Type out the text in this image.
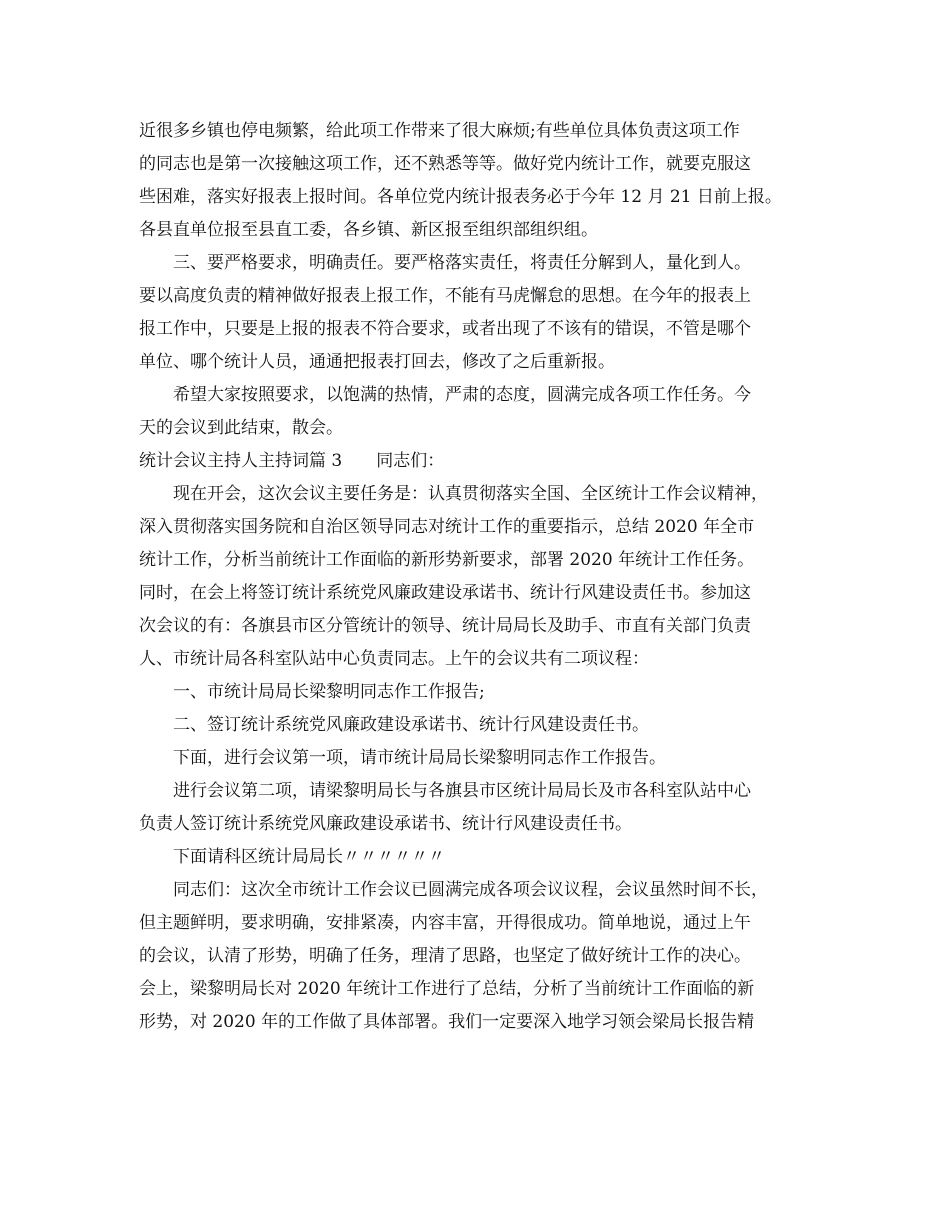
近很多乡镇也停电频繁，给此项工作带来了很大麻烦;有些单位具体负责这项工作
的同志也是第一次接触这项工作，还不熟悉等等。做好党内统计工作，就要克服这
些困难，落实好报表上报时间。各单位党内统计报表务必于今年 12 月 21 日前上报。
各县直单位报至县直工委，各乡镇、新区报至组织部组织组。
三、要严格要求，明确责任。要严格落实责任，将责任分解到人，量化到人。
要以高度负责的精神做好报表上报工作，不能有马虎懈怠的思想。在今年的报表上
报工作中，只要是上报的报表不符合要求，或者出现了不该有的错误，不管是哪个
单位、哪个统计人员，通通把报表打回去，修改了之后重新报。
希望大家按照要求，以饱满的热情，严肃的态度，圆满完成各项工作任务。今
天的会议到此结束，散会。
统计会议主持人主持词篇 3　　同志们：
现在开会，这次会议主要任务是：认真贯彻落实全国、全区统计工作会议精神，
深入贯彻落实国务院和自治区领导同志对统计工作的重要指示，总结 2020 年全市
统计工作，分析当前统计工作面临的新形势新要求，部署 2020 年统计工作任务。
同时，在会上将签订统计系统党风廉政建设承诺书、统计行风建设责任书。参加这
次会议的有：各旗县市区分管统计的领导、统计局局长及助手、市直有关部门负责
人、市统计局各科室队站中心负责同志。上午的会议共有二项议程：
一、市统计局局长梁黎明同志作工作报告;
二、签订统计系统党风廉政建设承诺书、统计行风建设责任书。
下面，进行会议第一项，请市统计局局长梁黎明同志作工作报告。
进行会议第二项，请梁黎明局长与各旗县市区统计局局长及市各科室队站中心
负责人签订统计系统党风廉政建设承诺书、统计行风建设责任书。
下面请科区统计局局长〃〃〃〃〃〃
同志们：这次全市统计工作会议已圆满完成各项会议议程，会议虽然时间不长，
但主题鲜明，要求明确，安排紧凑，内容丰富，开得很成功。简单地说，通过上午
的会议，认清了形势，明确了任务，理清了思路，也坚定了做好统计工作的决心。
会上，梁黎明局长对 2020 年统计工作进行了总结，分析了当前统计工作面临的新
形势，对 2020 年的工作做了具体部署。我们一定要深入地学习领会梁局长报告精
